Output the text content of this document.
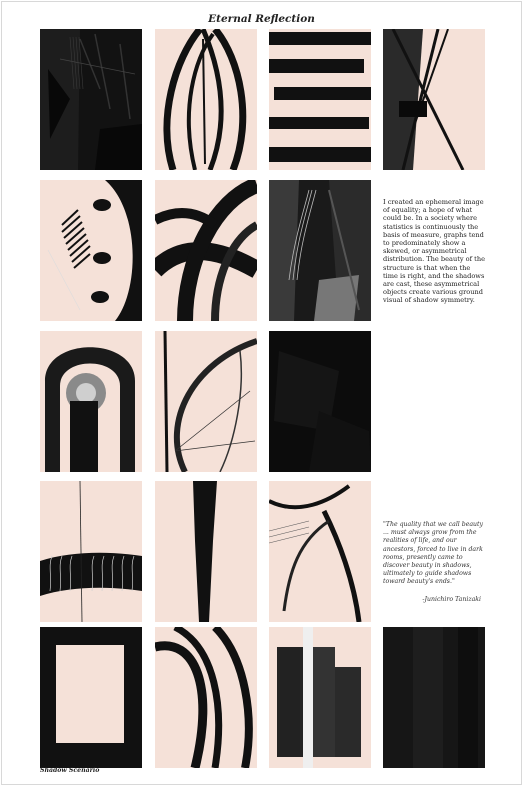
Eternal Reflection
I created an ephemeral image of equality; a hope of what could be. In a society where statistics is continuously the basis of measure, graphs tend to predominately show a skewed, or asymmetrical distribution. The beauty of the structure is that when the time is right, and the shadows are cast, these asymmetrical objects create various ground visual of shadow symmetry.
"The quality that we call beauty ... must always grow from the realities of life, and our ancestors, forced to live in dark rooms, presently came to discover beauty in shadows, ultimately to guide shadows toward beauty's ends."
-Junichiro Tanizaki
Shadow Scenario
